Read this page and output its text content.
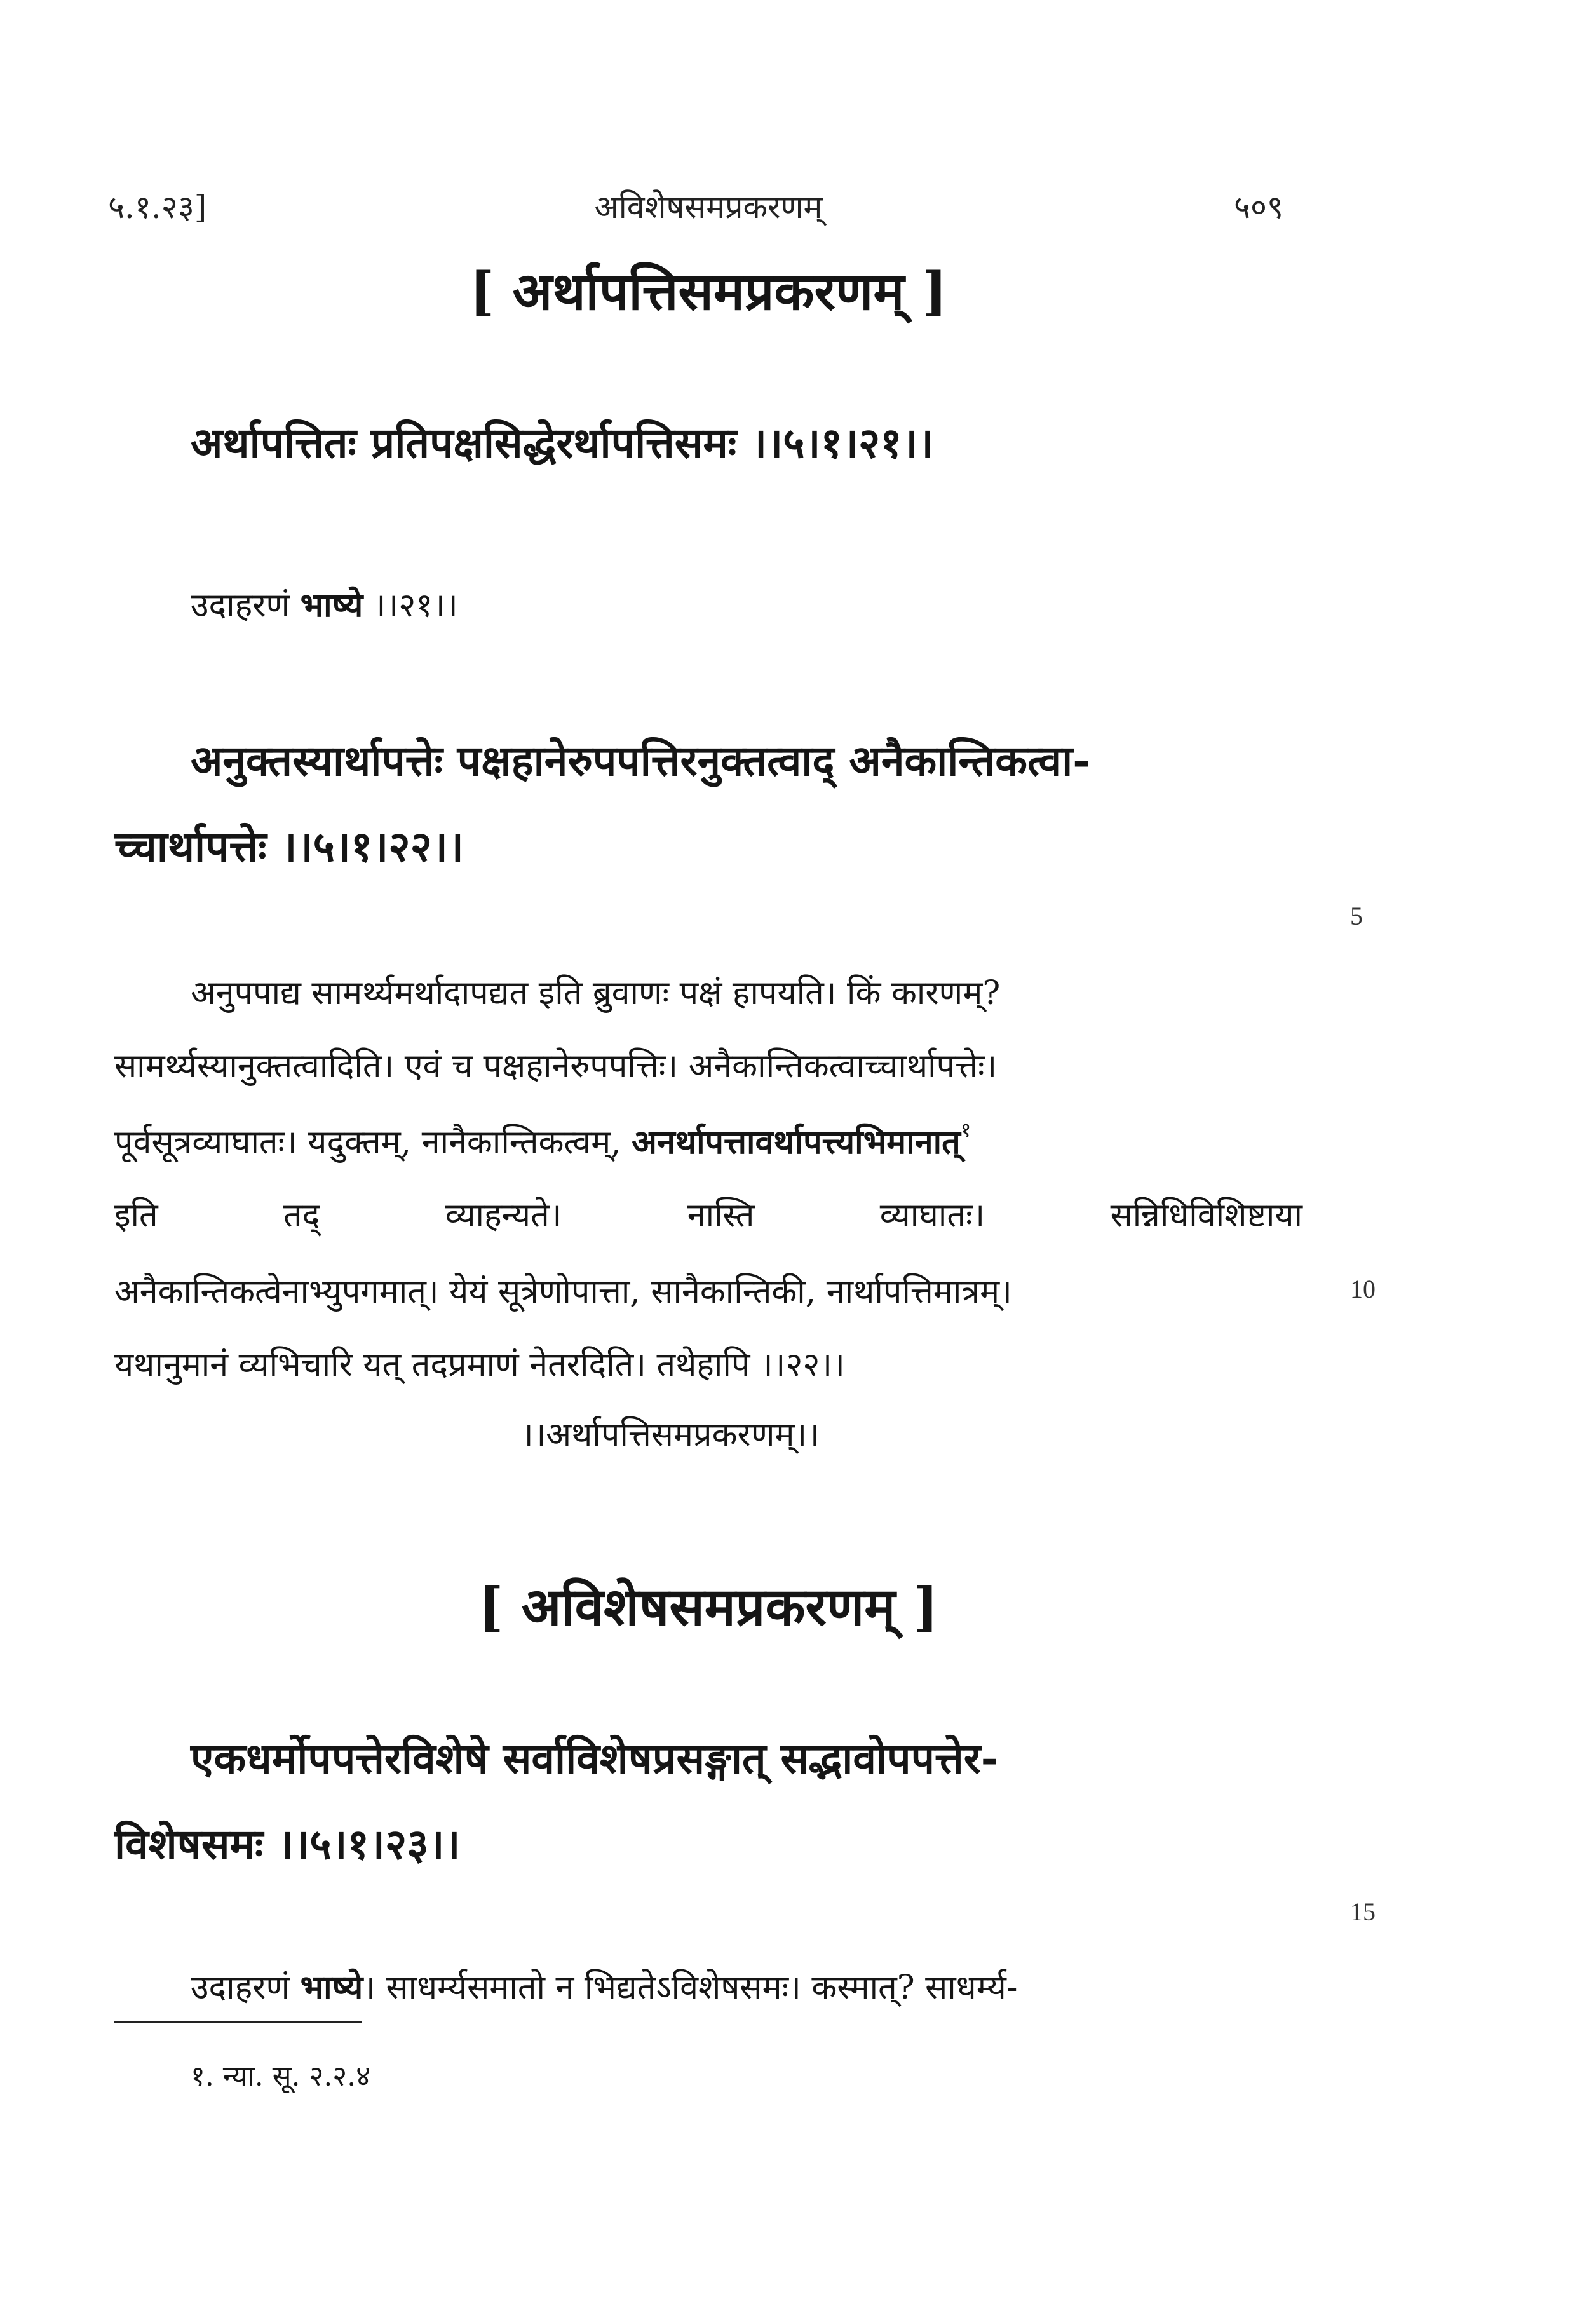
५.१.२३]	अविशेषसमप्रकरणम्	५०९
[ अर्थापत्तिसमप्रकरणम् ]
अर्थापत्तितः प्रतिपक्षसिद्धेरर्थापत्तिसमः ।।५।१।२१।।
उदाहरणं भाष्ये ।।२१।।
अनुक्तस्यार्थापत्तेः पक्षहानेरुपपत्तिरनुक्तत्वाद् अनैकान्तिकत्वा-
च्चार्थापत्तेः ।।५।१।२२।।
5
अनुपपाद्य सामर्थ्यमर्थादापद्यत इति ब्रुवाणः पक्षं हापयति। किं कारणम्?
सामर्थ्यस्यानुक्तत्वादिति। एवं च पक्षहानेरुपपत्तिः। अनैकान्तिकत्वाच्चार्थापत्तेः।
पूर्वसूत्रव्याघातः। यदुक्तम्, नानैकान्तिकत्वम्, अनर्थापत्तावर्थापत्त्यभिमानात्$^१$
इति	तद्	व्याहन्यते।	नास्ति	व्याघातः।	सन्निधिविशिष्टाया
अनैकान्तिकत्वेनाभ्युपगमात्। येयं सूत्रेणोपात्ता, सानैकान्तिकी, नार्थापत्तिमात्रम्।	10
यथानुमानं व्यभिचारि यत् तदप्रमाणं नेतरदिति। तथेहापि ।।२२।।
।।अर्थापत्तिसमप्रकरणम्।।
[ अविशेषसमप्रकरणम् ]
एकधर्मोपपत्तेरविशेषे सर्वाविशेषप्रसङ्गात् सद्भावोपपत्तेर-
विशेषसमः ।।५।१।२३।।
15
उदाहरणं भाष्ये। साधर्म्यसमातो न भिद्यतेऽविशेषसमः। कस्मात्? साधर्म्य-
१. न्या. सू. २.२.४
